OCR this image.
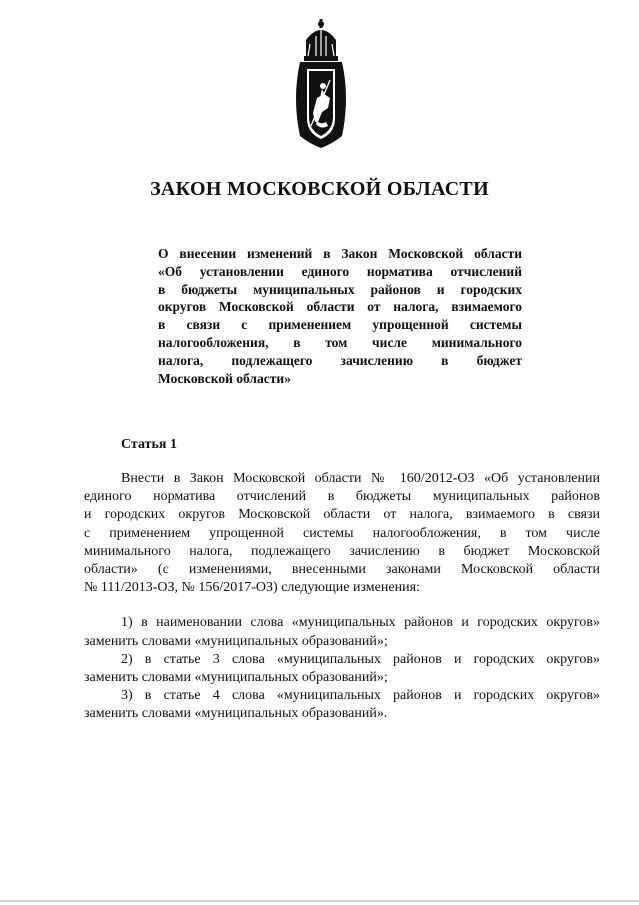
ЗАКОН МОСКОВСКОЙ ОБЛАСТИ
О внесении изменений в Закон Московской области
«Об установлении единого норматива отчислений
в бюджеты муниципальных районов и городских
округов Московской области от налога, взимаемого
в связи с применением упрощенной системы
налогообложения, в том числе минимального
налога, подлежащего зачислению в бюджет
Московской области»
Статья 1
Внести в Закон Московской области № 160/2012-ОЗ «Об установлении
единого норматива отчислений в бюджеты муниципальных районов
и городских округов Московской области от налога, взимаемого в связи
с применением упрощенной системы налогообложения, в том числе
минимального налога, подлежащего зачислению в бюджет Московской
области» (с изменениями, внесенными законами Московской области
№ 111/2013-ОЗ, № 156/2017-ОЗ) следующие изменения:
1) в наименовании слова «муниципальных районов и городских округов»
заменить словами «муниципальных образований»;
2) в статье 3 слова «муниципальных районов и городских округов»
заменить словами «муниципальных образований»;
3) в статье 4 слова «муниципальных районов и городских округов»
заменить словами «муниципальных образований».
